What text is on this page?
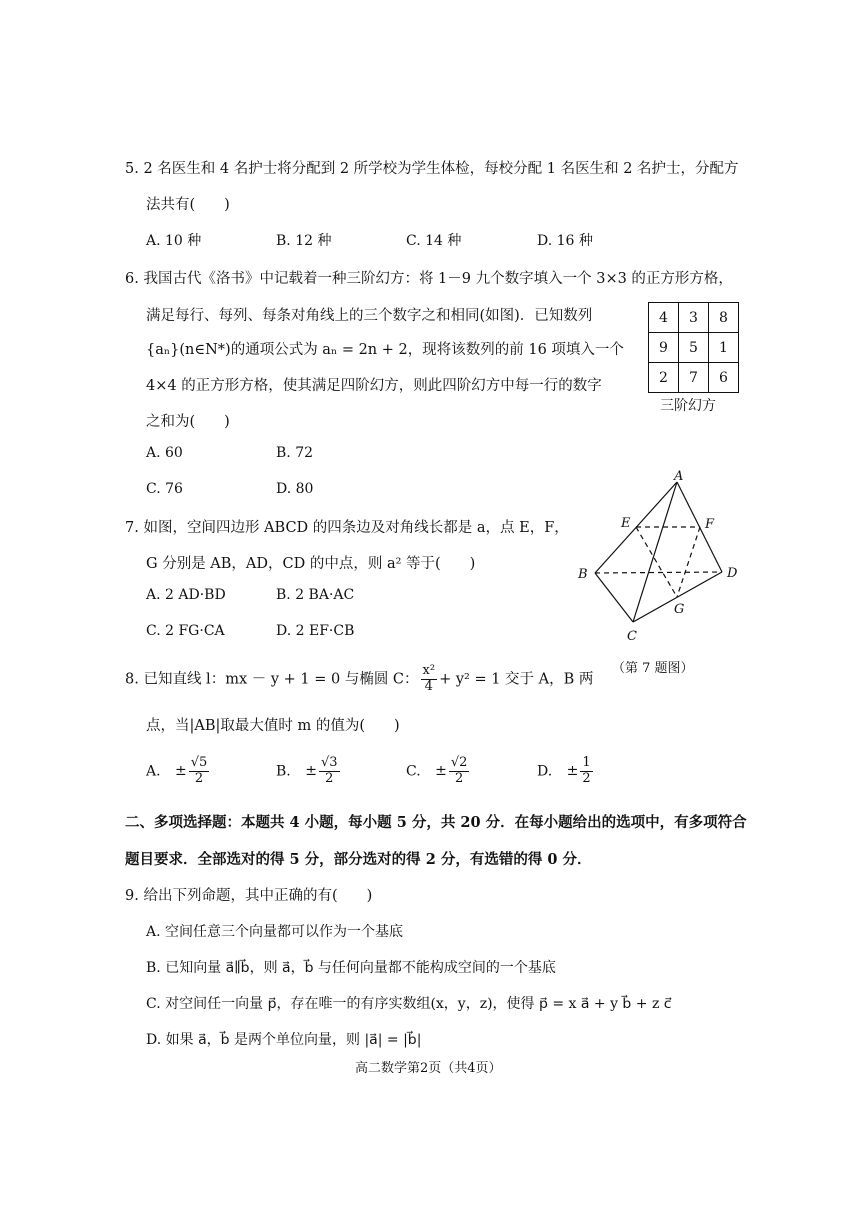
5. 2 名医生和 4 名护士将分配到 2 所学校为学生体检，每校分配 1 名医生和 2 名护士，分配方
法共有(　　)
A. 10 种	B. 12 种	C. 14 种	D. 16 种
6. 我国古代《洛书》中记载着一种三阶幻方：将 1－9 九个数字填入一个 3×3 的正方形方格，
满足每行、每列、每条对角线上的三个数字之和相同(如图)．已知数列
{aₙ}(n∈N*)的通项公式为 aₙ = 2n + 2，现将该数列的前 16 项填入一个
4×4 的正方形方格，使其满足四阶幻方，则此四阶幻方中每一行的数字
之和为(　　)
4	3	8
9	5	1
2	7	6
三阶幻方
A. 60	B. 72
C. 76	D. 80
7. 如图，空间四边形 ABCD 的四条边及对角线长都是 a，点 E，F，
G 分别是 AB，AD，CD 的中点，则 a² 等于(　　)
A. 2 AD·BD	B. 2 BA·AC
C. 2 FG·CA	D. 2 EF·CB
A
B
C
D
E	F
G
（第 7 题图）
8. 已知直线 l：mx － y + 1 = 0 与椭圆 C： $\frac{\text{x²}}{4} + y^2 = 1$ 交于 A，B 两
点，当|AB|取最大值时 m 的值为(　　)
A. ± $\frac{√5}{2}$	B. ± $\frac{√3}{2}$	C. ± $\frac{√2}{2}$	D. ± $\frac{1}{2}$
二、多项选择题：本题共 4 小题，每小题 5 分，共 20 分．在每小题给出的选项中，有多项符合
题目要求．全部选对的得 5 分，部分选对的得 2 分，有选错的得 0 分．
9. 给出下列命题，其中正确的有(　　)
A. 空间任意三个向量都可以作为一个基底
B. 已知向量 a⃗∥b⃗，则 a⃗，b⃗ 与任何向量都不能构成空间的一个基底
C. 对空间任一向量 p⃗，存在唯一的有序实数组(x，y，z)，使得 p⃗ = x a⃗ + y b⃗ + z c⃗
D. 如果 a⃗，b⃗ 是两个单位向量，则 |a⃗| = |b⃗|
高二数学第2页（共4页）
